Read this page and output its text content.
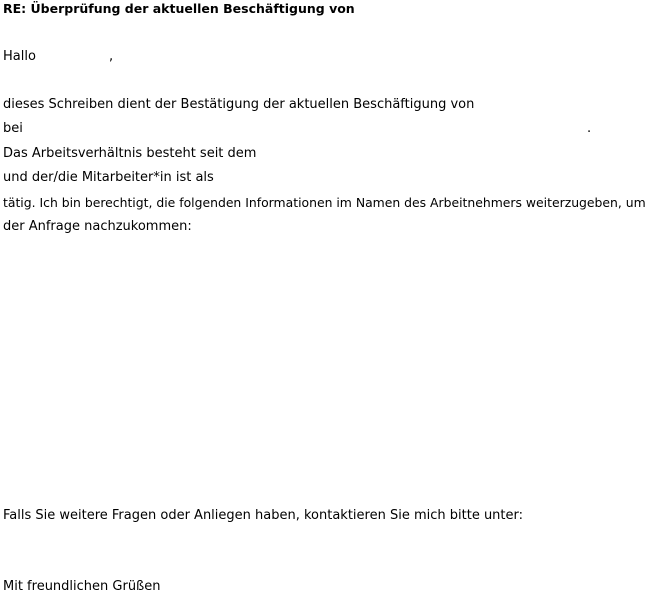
RE: Überprüfung der aktuellen Beschäftigung von
Hallo	,
dieses Schreiben dient der Bestätigung der aktuellen Beschäftigung von
bei	.
Das Arbeitsverhältnis besteht seit dem
und der/die Mitarbeiter*in ist als
tätig. Ich bin berechtigt, die folgenden Informationen im Namen des Arbeitnehmers weiterzugeben, um
der Anfrage nachzukommen:
Falls Sie weitere Fragen oder Anliegen haben, kontaktieren Sie mich bitte unter:
Mit freundlichen Grüßen
